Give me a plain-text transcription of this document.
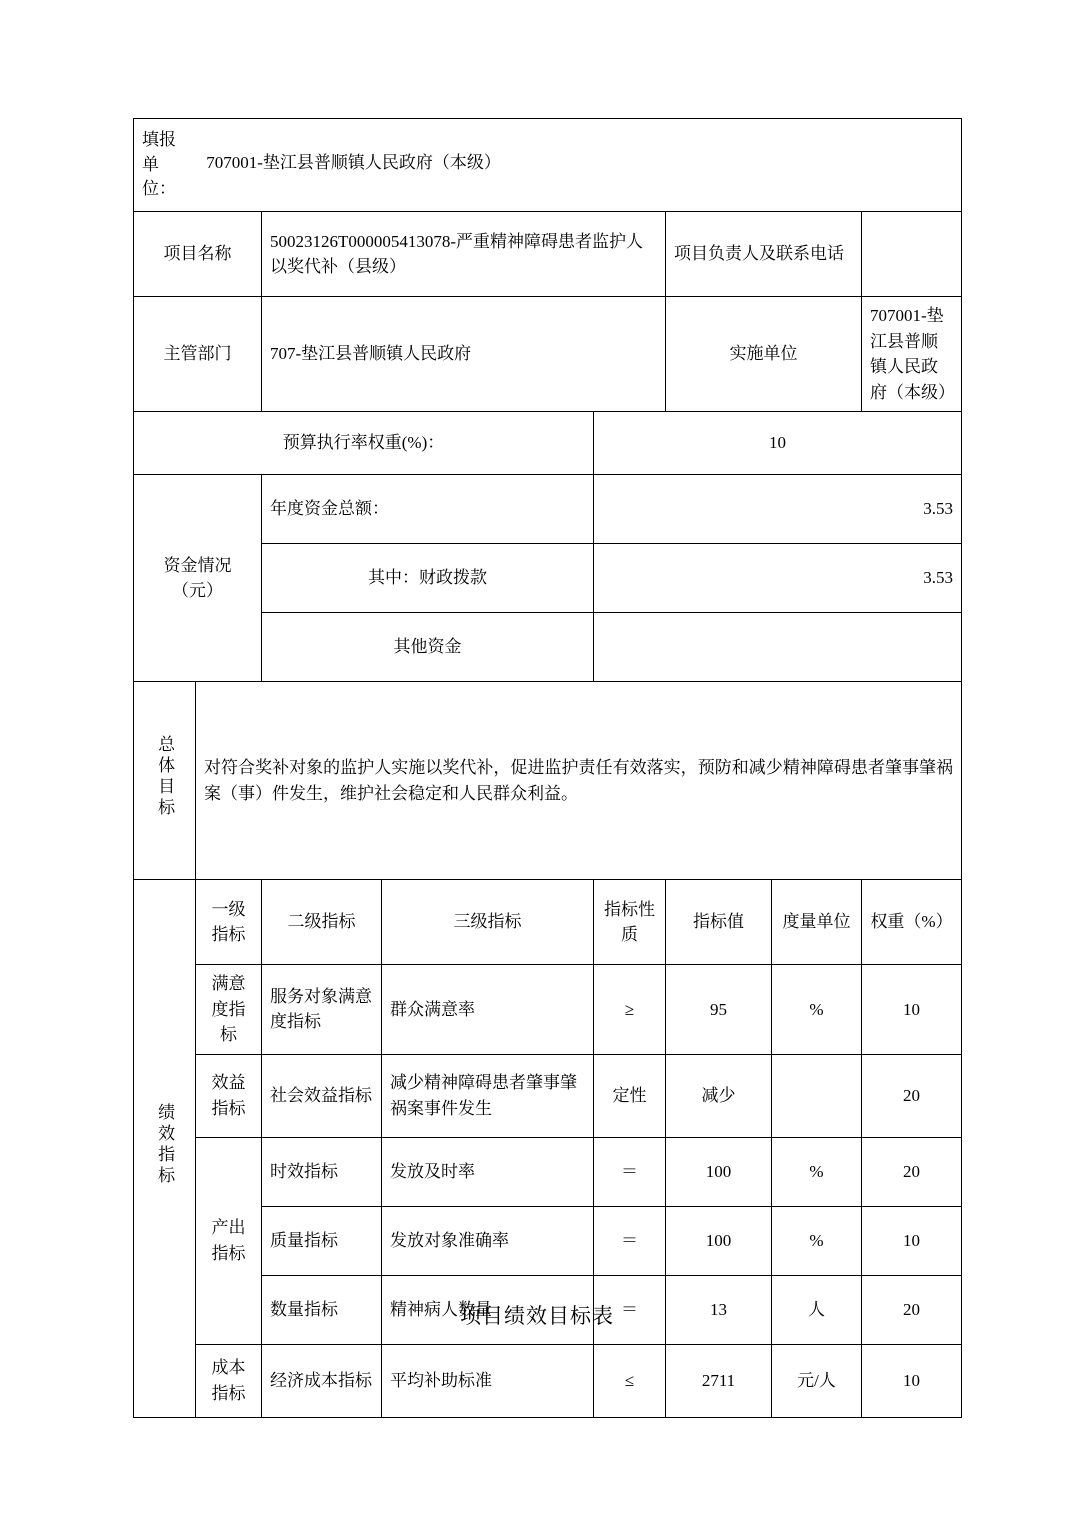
填报
单
位： 707001-垫江县普顺镇人民政府（本级）							
项目名称		50023126T000005413078-严重精神障碍患者监护人以奖代补（县级）			项目负责人及联系电话		
主管部门		707-垫江县普顺镇人民政府			实施单位		707001-垫江县普顺镇人民政府（本级）
预算执行率权重(%)：				10			
资金情况
（元）		年度资金总额：		3.53			
		其中：财政拨款		3.53			
		其他资金					
总体目标	对符合奖补对象的监护人实施以奖代补，促进监护责任有效落实，预防和减少精神障碍患者肇事肇祸案（事）件发生，维护社会稳定和人民群众利益。						
绩效指标	一级指标	二级指标	三级指标	指标性质	指标值	度量单位	权重（%）
	满意度指标	服务对象满意度指标	群众满意率	≥	95	%	10
	效益指标	社会效益指标	减少精神障碍患者肇事肇祸案事件发生	定性	减少		20
	产出指标	时效指标	发放及时率	＝	100	%	20
		质量指标	发放对象准确率	＝	100	%	10
		数量指标	精神病人数量	＝	13	人	20
	成本指标	经济成本指标	平均补助标准	≤	2711	元/人	10
项目绩效目标表
